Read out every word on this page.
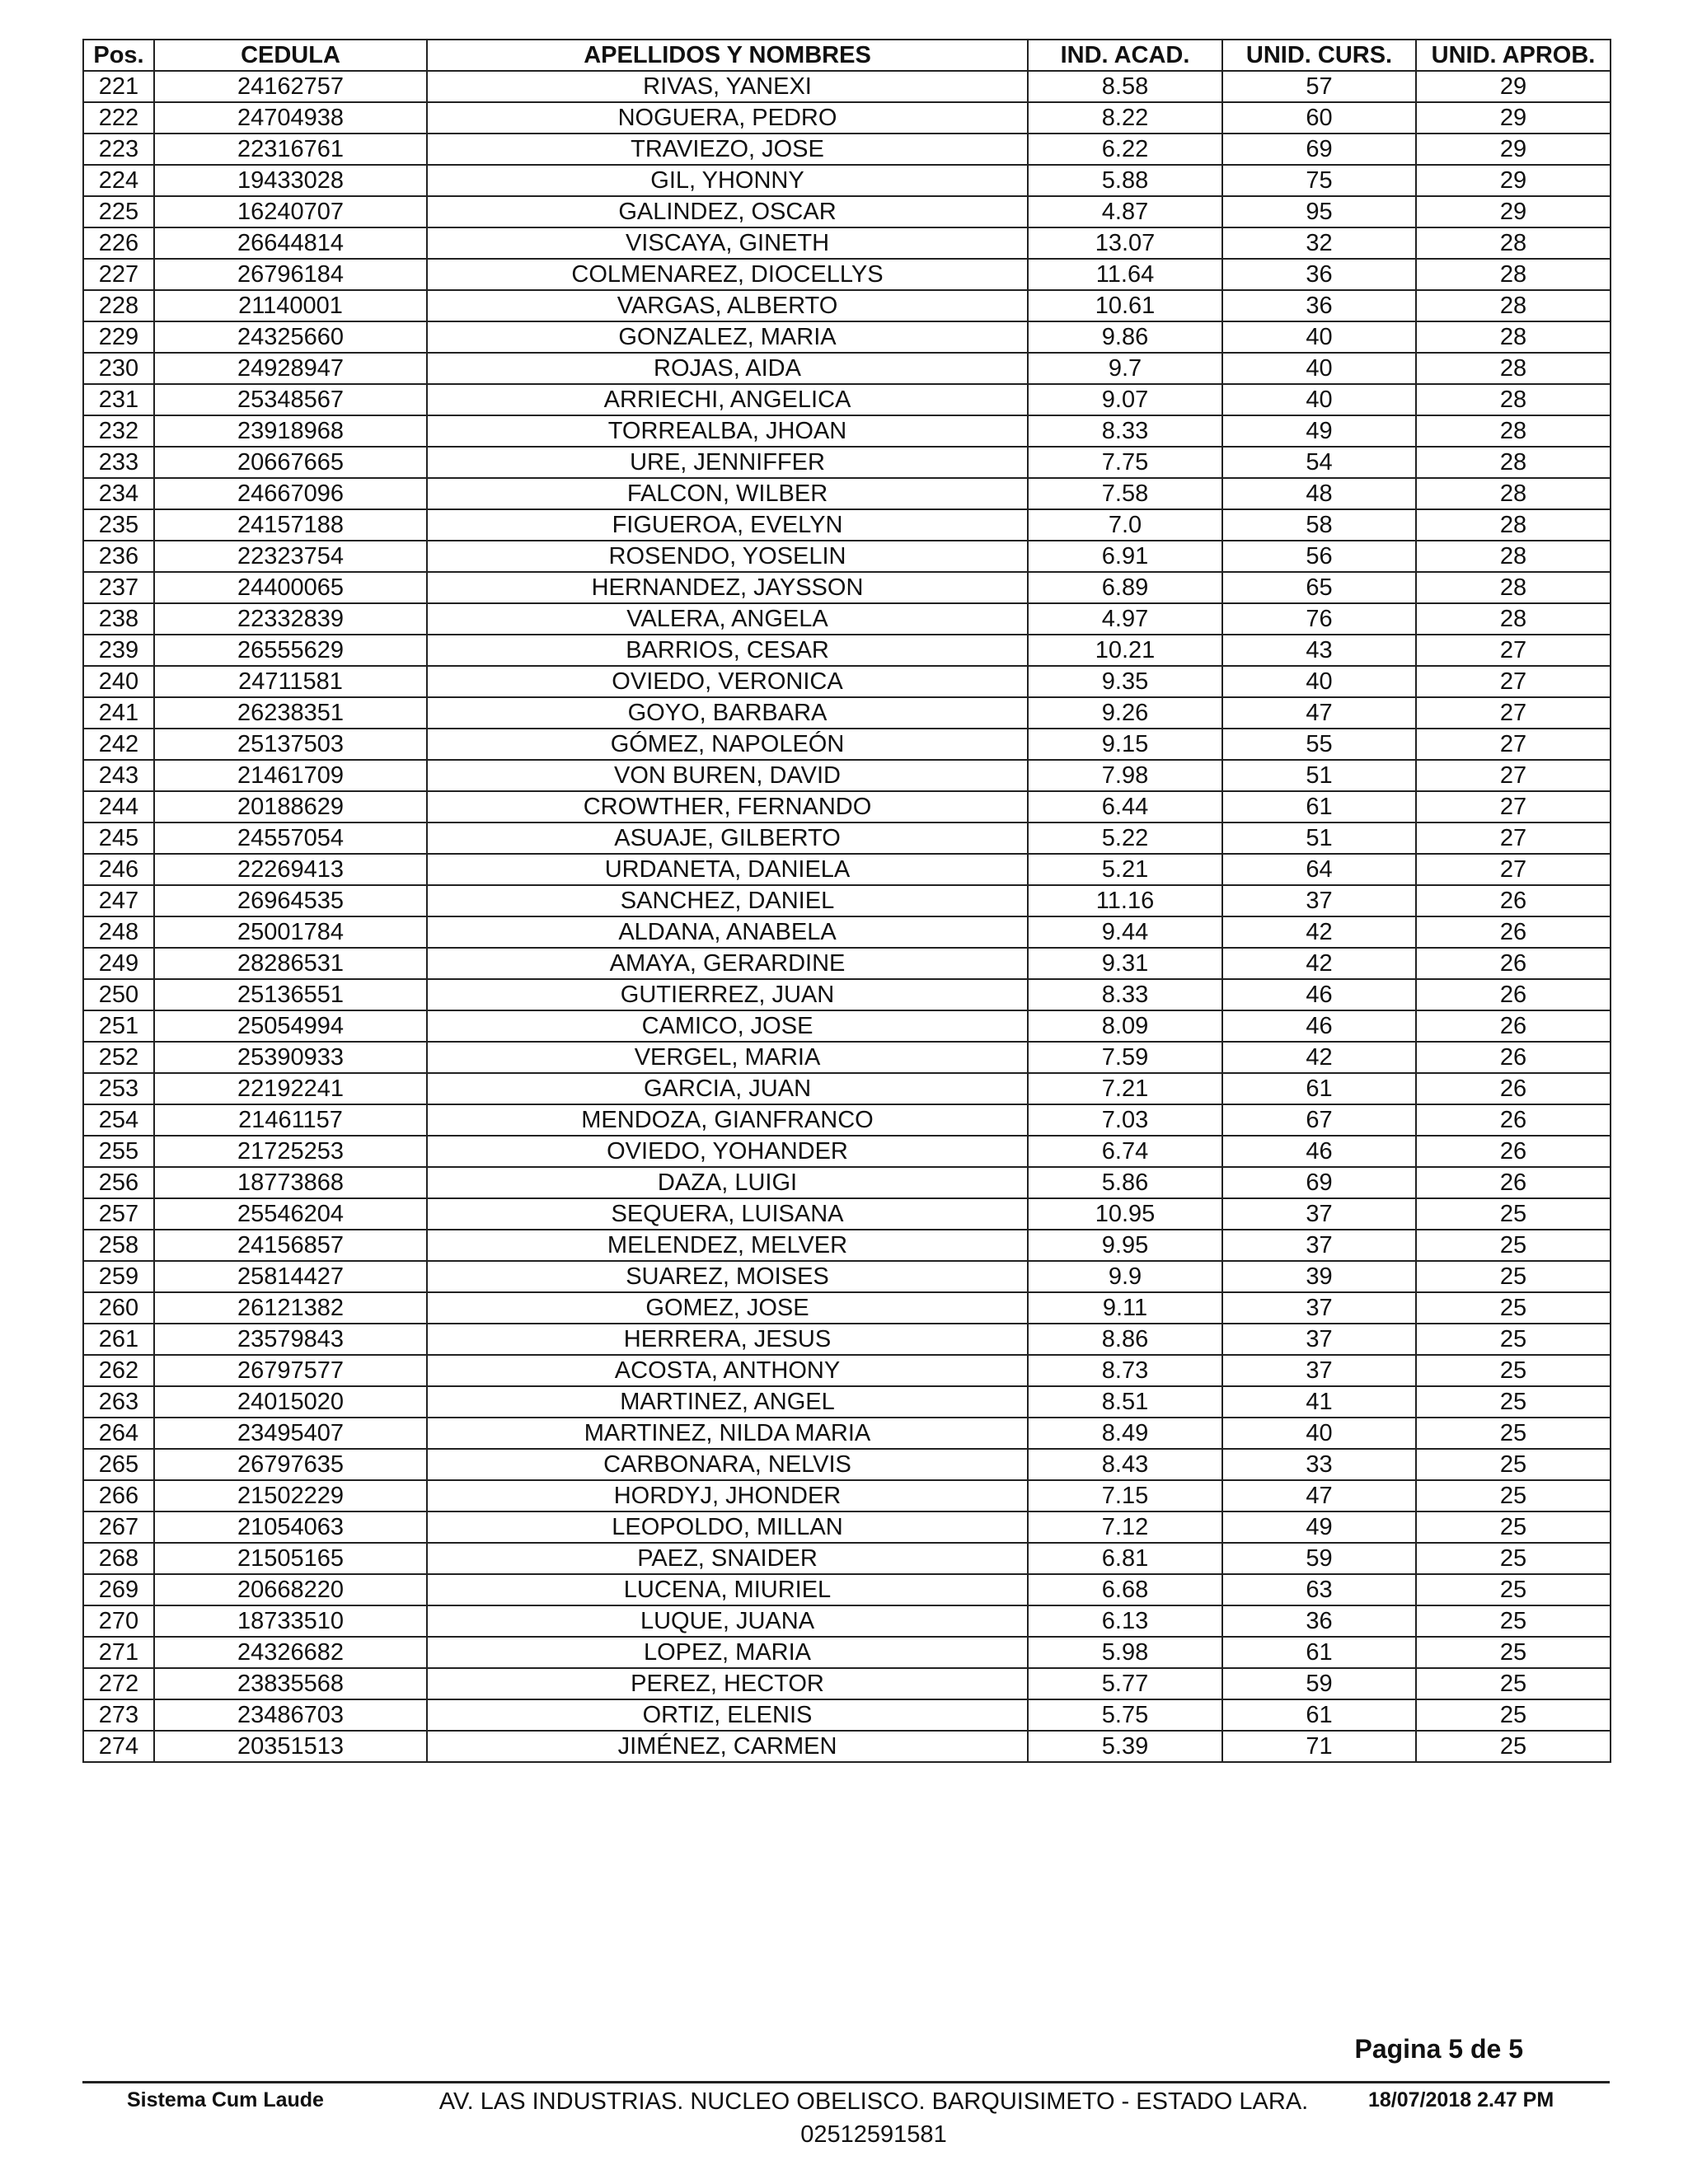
Pos.	CEDULA	APELLIDOS Y NOMBRES	IND. ACAD.	UNID. CURS.	UNID. APROB.
221	24162757	RIVAS, YANEXI	8.58	57	29
222	24704938	NOGUERA, PEDRO	8.22	60	29
223	22316761	TRAVIEZO, JOSE	6.22	69	29
224	19433028	GIL, YHONNY	5.88	75	29
225	16240707	GALINDEZ, OSCAR	4.87	95	29
226	26644814	VISCAYA, GINETH	13.07	32	28
227	26796184	COLMENAREZ, DIOCELLYS	11.64	36	28
228	21140001	VARGAS, ALBERTO	10.61	36	28
229	24325660	GONZALEZ, MARIA	9.86	40	28
230	24928947	ROJAS, AIDA	9.7	40	28
231	25348567	ARRIECHI, ANGELICA	9.07	40	28
232	23918968	TORREALBA, JHOAN	8.33	49	28
233	20667665	URE, JENNIFFER	7.75	54	28
234	24667096	FALCON, WILBER	7.58	48	28
235	24157188	FIGUEROA, EVELYN	7.0	58	28
236	22323754	ROSENDO, YOSELIN	6.91	56	28
237	24400065	HERNANDEZ, JAYSSON	6.89	65	28
238	22332839	VALERA, ANGELA	4.97	76	28
239	26555629	BARRIOS, CESAR	10.21	43	27
240	24711581	OVIEDO, VERONICA	9.35	40	27
241	26238351	GOYO, BARBARA	9.26	47	27
242	25137503	GÓMEZ, NAPOLEÓN	9.15	55	27
243	21461709	VON BUREN, DAVID	7.98	51	27
244	20188629	CROWTHER, FERNANDO	6.44	61	27
245	24557054	ASUAJE, GILBERTO	5.22	51	27
246	22269413	URDANETA, DANIELA	5.21	64	27
247	26964535	SANCHEZ, DANIEL	11.16	37	26
248	25001784	ALDANA, ANABELA	9.44	42	26
249	28286531	AMAYA, GERARDINE	9.31	42	26
250	25136551	GUTIERREZ, JUAN	8.33	46	26
251	25054994	CAMICO, JOSE	8.09	46	26
252	25390933	VERGEL, MARIA	7.59	42	26
253	22192241	GARCIA, JUAN	7.21	61	26
254	21461157	MENDOZA, GIANFRANCO	7.03	67	26
255	21725253	OVIEDO, YOHANDER	6.74	46	26
256	18773868	DAZA, LUIGI	5.86	69	26
257	25546204	SEQUERA, LUISANA	10.95	37	25
258	24156857	MELENDEZ, MELVER	9.95	37	25
259	25814427	SUAREZ, MOISES	9.9	39	25
260	26121382	GOMEZ, JOSE	9.11	37	25
261	23579843	HERRERA, JESUS	8.86	37	25
262	26797577	ACOSTA, ANTHONY	8.73	37	25
263	24015020	MARTINEZ, ANGEL	8.51	41	25
264	23495407	MARTINEZ, NILDA MARIA	8.49	40	25
265	26797635	CARBONARA, NELVIS	8.43	33	25
266	21502229	HORDYJ, JHONDER	7.15	47	25
267	21054063	LEOPOLDO, MILLAN	7.12	49	25
268	21505165	PAEZ, SNAIDER	6.81	59	25
269	20668220	LUCENA, MIURIEL	6.68	63	25
270	18733510	LUQUE, JUANA	6.13	36	25
271	24326682	LOPEZ, MARIA	5.98	61	25
272	23835568	PEREZ, HECTOR	5.77	59	25
273	23486703	ORTIZ, ELENIS	5.75	61	25
274	20351513	JIMÉNEZ, CARMEN	5.39	71	25
Pagina 5 de 5
Sistema Cum Laude	AV. LAS INDUSTRIAS. NUCLEO OBELISCO. BARQUISIMETO - ESTADO LARA.
02512591581
18/07/2018 2.47 PM
